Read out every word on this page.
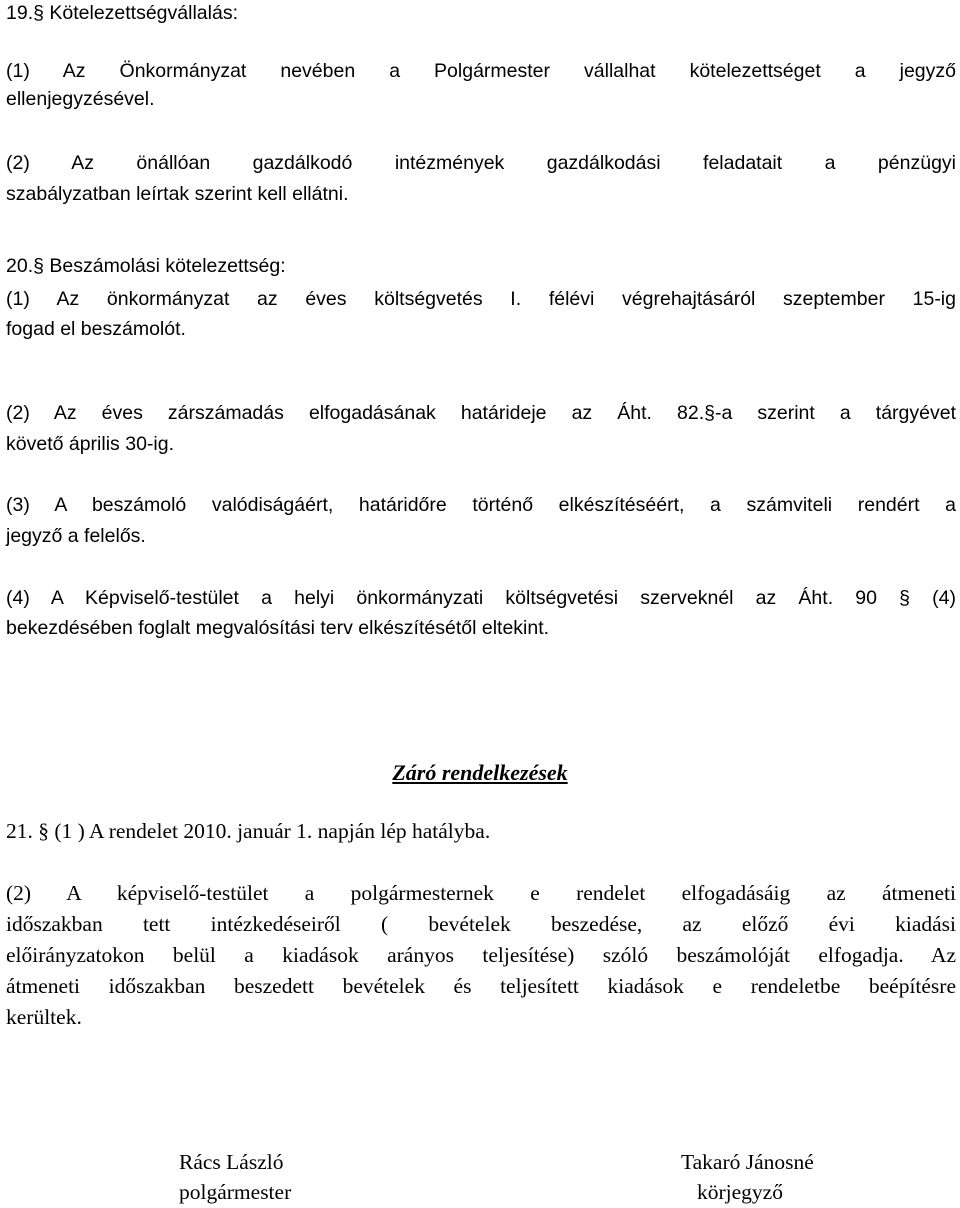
19.§ Kötelezettségvállalás:
(1) Az Önkormányzat nevében a Polgármester vállalhat kötelezettséget a jegyző
ellenjegyzésével.
(2) Az önállóan gazdálkodó intézmények gazdálkodási feladatait a pénzügyi
szabályzatban leírtak szerint kell ellátni.
20.§ Beszámolási kötelezettség:
(1) Az önkormányzat az éves költségvetés I. félévi végrehajtásáról szeptember 15-ig
fogad el beszámolót.
(2) Az éves zárszámadás elfogadásának határideje az Áht. 82.§-a szerint a tárgyévet
követő április 30-ig.
(3) A beszámoló valódiságáért, határidőre történő elkészítéséért, a számviteli rendért a
jegyző a felelős.
(4) A Képviselő-testület a helyi önkormányzati költségvetési szerveknél az Áht. 90 § (4)
bekezdésében foglalt megvalósítási terv elkészítésétől eltekint.
Záró rendelkezések
21. § (1 ) A rendelet 2010. január 1. napján lép hatályba.
(2) A képviselő-testület a polgármesternek e rendelet elfogadásáig az átmeneti
időszakban tett intézkedéseiről ( bevételek beszedése, az előző évi kiadási
előirányzatokon belül a kiadások arányos teljesítése) szóló beszámolóját elfogadja. Az
átmeneti időszakban beszedett bevételek és teljesített kiadások e rendeletbe beépítésre
kerültek.
Rács László
polgármester
Takaró Jánosné
körjegyző
